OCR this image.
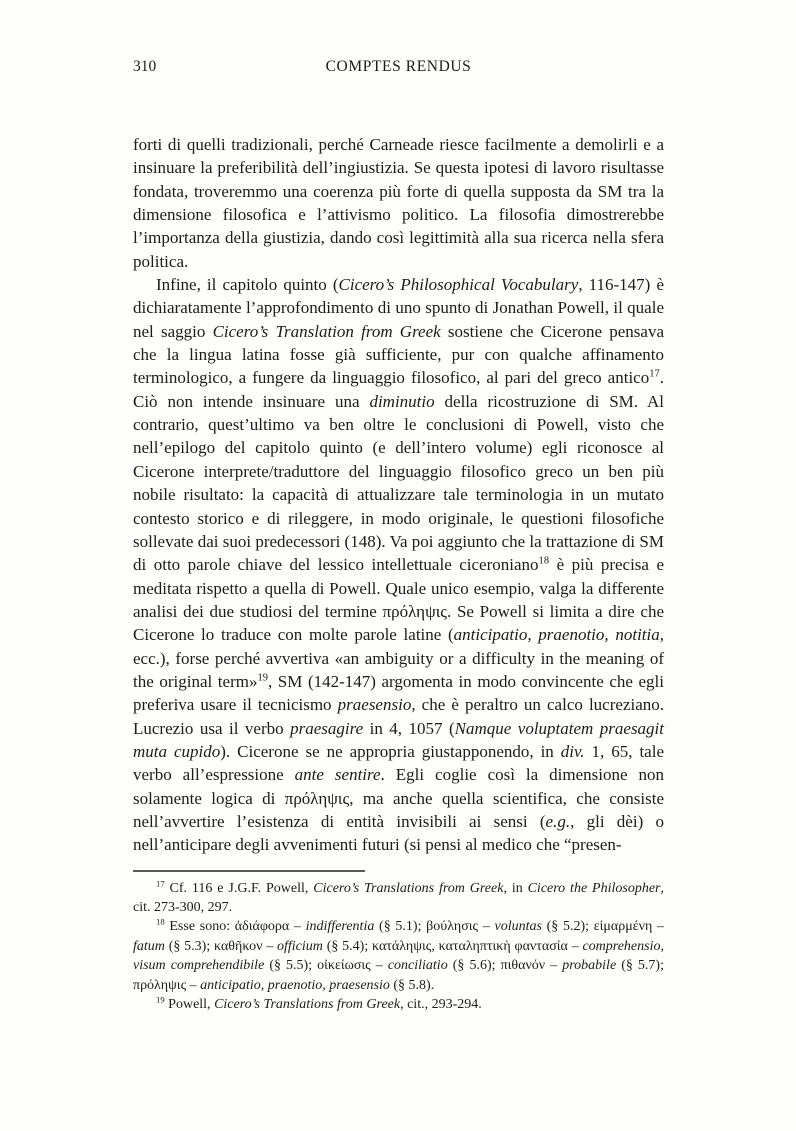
310	COMPTES RENDUS

forti di quelli tradizionali, perché Carneade riesce facilmente a demolirli e a insinuare la preferibilità dell’ingiustizia. Se questa ipotesi di lavoro risultasse fondata, troveremmo una coerenza più forte di quella supposta da SM tra la dimensione filosofica e l’attivismo politico. La filosofia dimostrerebbe l’importanza della giustizia, dando così legittimità alla sua ricerca nella sfera politica.

Infine, il capitolo quinto (Cicero’s Philosophical Vocabulary, 116-147) è dichiaratamente l’approfondimento di uno spunto di Jonathan Powell, il quale nel saggio Cicero’s Translation from Greek sostiene che Cicerone pensava che la lingua latina fosse già sufficiente, pur con qualche affinamento terminologico, a fungere da linguaggio filosofico, al pari del greco antico$^{17}$. Ciò non intende insinuare una diminutio della ricostruzione di SM. Al contrario, quest’ultimo va ben oltre le conclusioni di Powell, visto che nell’epilogo del capitolo quinto (e dell’intero volume) egli riconosce al Cicerone interprete/traduttore del linguaggio filosofico greco un ben più nobile risultato: la capacità di attualizzare tale terminologia in un mutato contesto storico e di rileggere, in modo originale, le questioni filosofiche sollevate dai suoi predecessori (148). Va poi aggiunto che la trattazione di SM di otto parole chiave del lessico intellettuale ciceroniano$^{18}$ è più precisa e meditata rispetto a quella di Powell. Quale unico esempio, valga la differente analisi dei due studiosi del termine πρόληψις. Se Powell si limita a dire che Cicerone lo traduce con molte parole latine (anticipatio, praenotio, notitia, ecc.), forse perché avvertiva «an ambiguity or a difficulty in the meaning of the original term»$^{19}$, SM (142-147) argomenta in modo convincente che egli preferiva usare il tecnicismo praesensio, che è peraltro un calco lucreziano. Lucrezio usa il verbo praesagire in 4, 1057 (Namque voluptatem praesagit muta cupido). Cicerone se ne appropria giustapponendo, in div. 1, 65, tale verbo all’espressione ante sentire. Egli coglie così la dimensione non solamente logica di πρόληψις, ma anche quella scientifica, che consiste nell’avvertire l’esistenza di entità invisibili ai sensi (e.g., gli dèi) o nell’anticipare degli avvenimenti futuri (si pensi al medico che “presen-

$^{17}$ Cf. 116 e J.G.F. Powell, Cicero’s Translations from Greek, in Cicero the Philosopher, cit. 273-300, 297.

$^{18}$ Esse sono: ἀδιάφορα – indifferentia (§ 5.1); βούλησις – voluntas (§ 5.2); εἱμαρμένη – fatum (§ 5.3); καθῆκον – officium (§ 5.4); κατάληψις, καταληπτικὴ φαντασία – comprehensio, visum comprehendibile (§ 5.5); οἰκείωσις – conciliatio (§ 5.6); πιθανόν – probabile (§ 5.7); πρόληψις – anticipatio, praenotio, praesensio (§ 5.8).

$^{19}$ Powell, Cicero’s Translations from Greek, cit., 293-294.
